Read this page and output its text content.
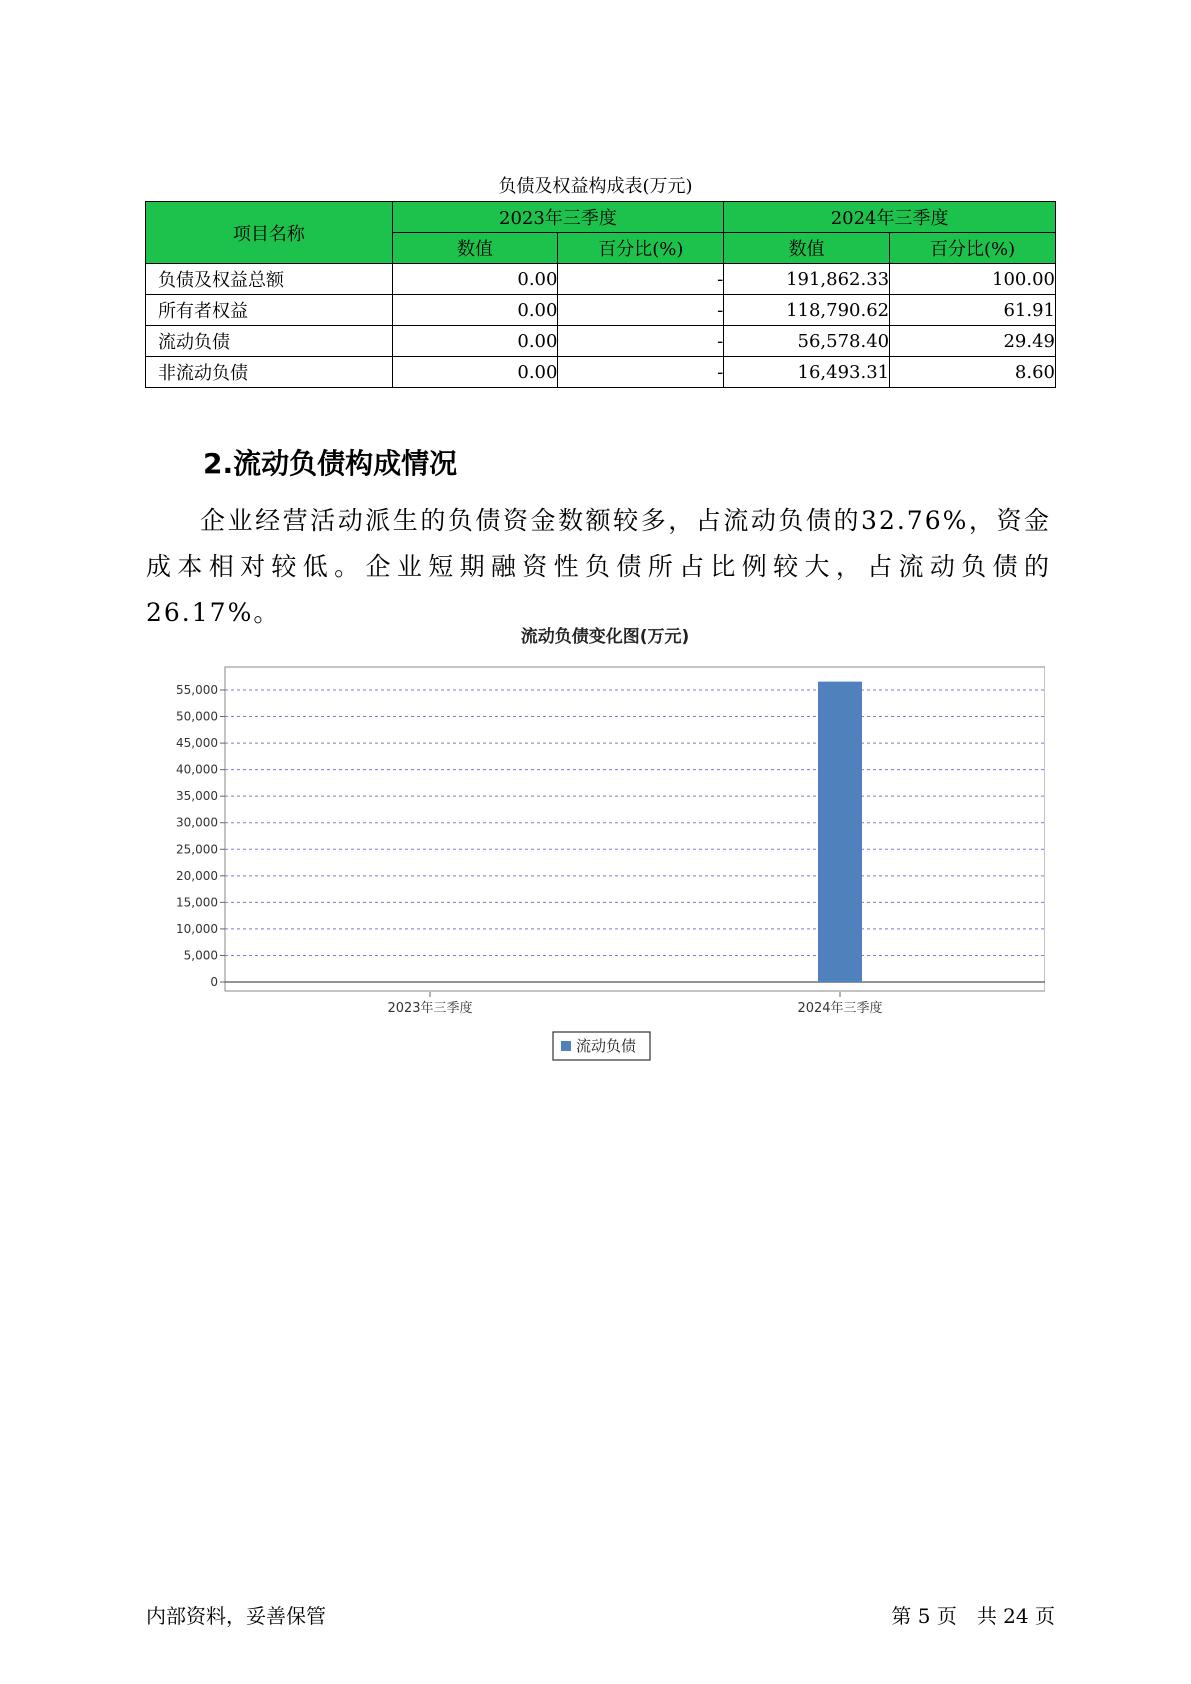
负债及权益构成表(万元)
项目名称	2023年三季度		2024年三季度	
	数值	百分比(%)	数值	百分比(%)
负债及权益总额	0.00	-	191,862.33	100.00
所有者权益	0.00	-	118,790.62	61.91
流动负债	0.00	-	56,578.40	29.49
非流动负债	0.00	-	16,493.31	8.60
2.流动负债构成情况
企业经营活动派生的负债资金数额较多，占流动负债的32.76%，资金成本相对较低。企业短期融资性负债所占比例较大，占流动负债的26.17%。
流动负债变化图(万元)
0
5,000
10,000
15,000
20,000
25,000
30,000
35,000
40,000
45,000
50,000
55,000
2023年三季度	2024年三季度
流动负债
内部资料，妥善保管	第 5 页　共 24 页
